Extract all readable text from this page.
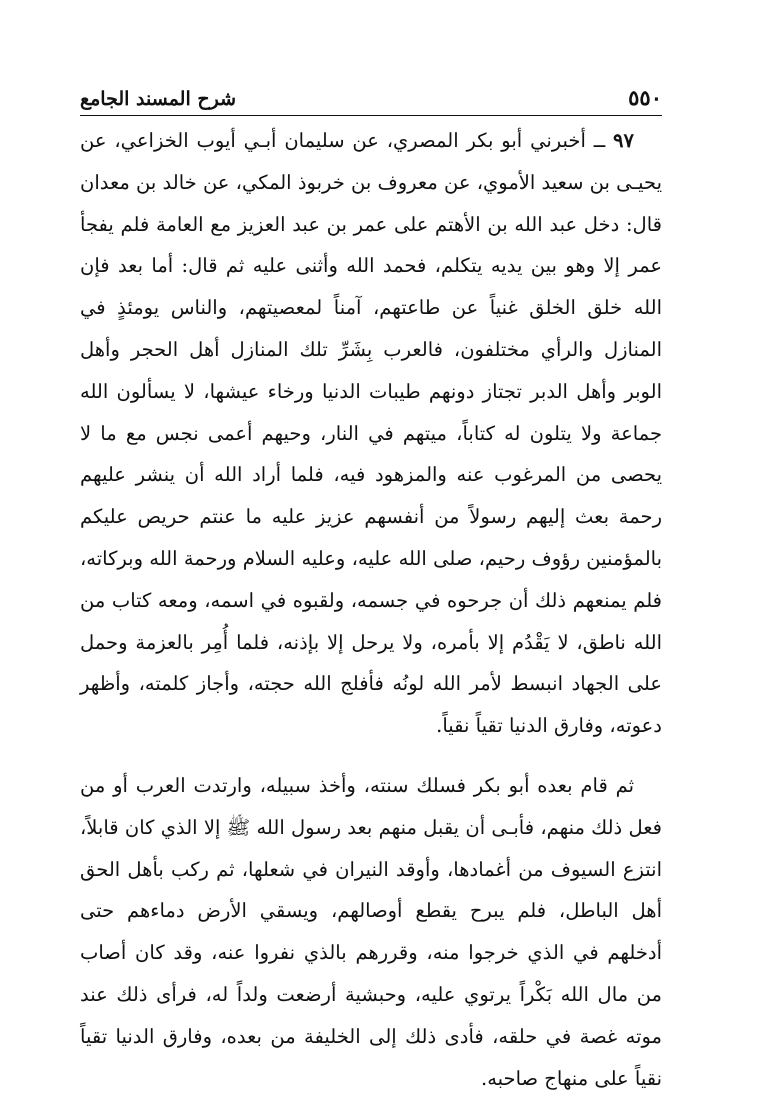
٥٥٠
شرح المسند الجامع

٩٧ ــ أخبرني أبو بكر المصري، عن سليمان أبـي أيوب الخزاعي، عن يحيـى بن سعيد الأموي، عن معروف بن خربوذ المكي، عن خالد بن معدان قال: دخل عبد الله بن الأهتم على عمر بن عبد العزيز مع العامة فلم يفجأ عمر إلا وهو بين يديه يتكلم، فحمد الله وأثنى عليه ثم قال: أما بعد فإن الله خلق الخلق غنياً عن طاعتهم، آمناً لمعصيتهم، والناس يومئذٍ في المنازل والرأي مختلفون، فالعرب بِشَرِّ تلك المنازل أهل الحجر وأهل الوبر وأهل الدبر تجتاز دونهم طيبات الدنيا ورخاء عيشها، لا يسألون الله جماعة ولا يتلون له كتاباً، ميتهم في النار، وحيهم أعمى نجس مع ما لا يحصى من المرغوب عنه والمزهود فيه، فلما أراد الله أن ينشر عليهم رحمة بعث إليهم رسولاً من أنفسهم عزيز عليه ما عنتم حريص عليكم بالمؤمنين رؤوف رحيم، صلى الله عليه، وعليه السلام ورحمة الله وبركاته، فلم يمنعهم ذلك أن جرحوه في جسمه، ولقبوه في اسمه، ومعه كتاب من الله ناطق، لا يَقْدُم إلا بأمره، ولا يرحل إلا بإذنه، فلما أُمِر بالعزمة وحمل على الجهاد انبسط لأمر الله لونُه فأفلج الله حجته، وأجاز كلمته، وأظهر دعوته، وفارق الدنيا تقياً نقياً.

ثم قام بعده أبو بكر فسلك سنته، وأخذ سبيله، وارتدت العرب أو من فعل ذلك منهم، فأبـى أن يقبل منهم بعد رسول الله ﷺ إلا الذي كان قابلاً، انتزع السيوف من أغمادها، وأوقد النيران في شعلها، ثم ركب بأهل الحق أهل الباطل، فلم يبرح يقطع أوصالهم، ويسقي الأرض دماءهم حتى أدخلهم في الذي خرجوا منه، وقررهم بالذي نفروا عنه، وقد كان أصاب من مال الله بَكْراً يرتوي عليه، وحبشية أرضعت ولداً له، فرأى ذلك عند موته غصة في حلقه، فأدى ذلك إلى الخليفة من بعده، وفارق الدنيا تقياً نقياً على منهاج صاحبه.
